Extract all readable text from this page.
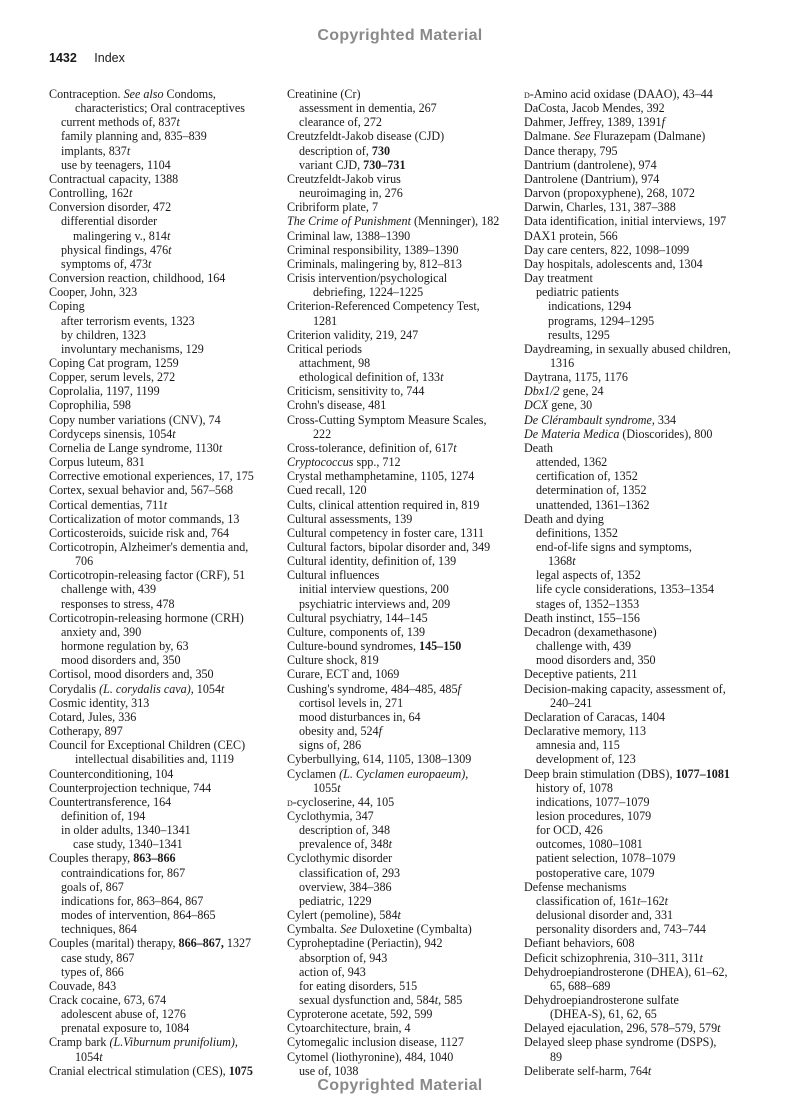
Copyrighted Material
1432 Index

Contraception. See also Condoms,

characteristics; Oral contraceptives

current methods of, 837t

family planning and, 835–839

implants, 837t

use by teenagers, 1104

Contractual capacity, 1388

Controlling, 162t

Conversion disorder, 472

differential disorder

malingering v., 814t

physical findings, 476t

symptoms of, 473t

Conversion reaction, childhood, 164

Cooper, John, 323

Coping

after terrorism events, 1323

by children, 1323

involuntary mechanisms, 129

Coping Cat program, 1259

Copper, serum levels, 272

Coprolalia, 1197, 1199

Coprophilia, 598

Copy number variations (CNV), 74

Cordyceps sinensis, 1054t

Cornelia de Lange syndrome, 1130t

Corpus luteum, 831

Corrective emotional experiences, 17, 175

Cortex, sexual behavior and, 567–568

Cortical dementias, 711t

Corticalization of motor commands, 13

Corticosteroids, suicide risk and, 764

Corticotropin, Alzheimer's dementia and,

706

Corticotropin-releasing factor (CRF), 51

challenge with, 439

responses to stress, 478

Corticotropin-releasing hormone (CRH)

anxiety and, 390

hormone regulation by, 63

mood disorders and, 350

Cortisol, mood disorders and, 350

Corydalis (L. corydalis cava), 1054t

Cosmic identity, 313

Cotard, Jules, 336

Cotherapy, 897

Council for Exceptional Children (CEC)

intellectual disabilities and, 1119

Counterconditioning, 104

Counterprojection technique, 744

Countertransference, 164

definition of, 194

in older adults, 1340–1341

case study, 1340–1341

Couples therapy, 863–866

contraindications for, 867

goals of, 867

indications for, 863–864, 867

modes of intervention, 864–865

techniques, 864

Couples (marital) therapy, 866–867, 1327

case study, 867

types of, 866

Couvade, 843

Crack cocaine, 673, 674

adolescent abuse of, 1276

prenatal exposure to, 1084

Cramp bark (L.Viburnum prunifolium),

1054t

Cranial electrical stimulation (CES), 1075

Creatinine (Cr)

assessment in dementia, 267

clearance of, 272

Creutzfeldt-Jakob disease (CJD)

description of, 730

variant CJD, 730–731

Creutzfeldt-Jakob virus

neuroimaging in, 276

Cribriform plate, 7

The Crime of Punishment (Menninger), 182

Criminal law, 1388–1390

Criminal responsibility, 1389–1390

Criminals, malingering by, 812–813

Crisis intervention/psychological

debriefing, 1224–1225

Criterion-Referenced Competency Test,

1281

Criterion validity, 219, 247

Critical periods

attachment, 98

ethological definition of, 133t

Criticism, sensitivity to, 744

Crohn's disease, 481

Cross-Cutting Symptom Measure Scales,

222

Cross-tolerance, definition of, 617t

Cryptococcus spp., 712

Crystal methamphetamine, 1105, 1274

Cued recall, 120

Cults, clinical attention required in, 819

Cultural assessments, 139

Cultural competency in foster care, 1311

Cultural factors, bipolar disorder and, 349

Cultural identity, definition of, 139

Cultural influences

initial interview questions, 200

psychiatric interviews and, 209

Cultural psychiatry, 144–145

Culture, components of, 139

Culture-bound syndromes, 145–150

Culture shock, 819

Curare, ECT and, 1069

Cushing's syndrome, 484–485, 485f

cortisol levels in, 271

mood disturbances in, 64

obesity and, 524f

signs of, 286

Cyberbullying, 614, 1105, 1308–1309

Cyclamen (L. Cyclamen europaeum),

1055t

d-cycloserine, 44, 105

Cyclothymia, 347

description of, 348

prevalence of, 348t

Cyclothymic disorder

classification of, 293

overview, 384–386

pediatric, 1229

Cylert (pemoline), 584t

Cymbalta. See Duloxetine (Cymbalta)

Cyproheptadine (Periactin), 942

absorption of, 943

action of, 943

for eating disorders, 515

sexual dysfunction and, 584t, 585

Cyproterone acetate, 592, 599

Cytoarchitecture, brain, 4

Cytomegalic inclusion disease, 1127

Cytomel (liothyronine), 484, 1040

use of, 1038

d-Amino acid oxidase (DAAO), 43–44

DaCosta, Jacob Mendes, 392

Dahmer, Jeffrey, 1389, 1391f

Dalmane. See Flurazepam (Dalmane)

Dance therapy, 795

Dantrium (dantrolene), 974

Dantrolene (Dantrium), 974

Darvon (propoxyphene), 268, 1072

Darwin, Charles, 131, 387–388

Data identification, initial interviews, 197

DAX1 protein, 566

Day care centers, 822, 1098–1099

Day hospitals, adolescents and, 1304

Day treatment

pediatric patients

indications, 1294

programs, 1294–1295

results, 1295

Daydreaming, in sexually abused children,

1316

Daytrana, 1175, 1176

Dbx1/2 gene, 24

DCX gene, 30

De Clérambault syndrome, 334

De Materia Medica (Dioscorides), 800

Death

attended, 1362

certification of, 1352

determination of, 1352

unattended, 1361–1362

Death and dying

definitions, 1352

end-of-life signs and symptoms,

1368t

legal aspects of, 1352

life cycle considerations, 1353–1354

stages of, 1352–1353

Death instinct, 155–156

Decadron (dexamethasone)

challenge with, 439

mood disorders and, 350

Deceptive patients, 211

Decision-making capacity, assessment of,

240–241

Declaration of Caracas, 1404

Declarative memory, 113

amnesia and, 115

development of, 123

Deep brain stimulation (DBS), 1077–1081

history of, 1078

indications, 1077–1079

lesion procedures, 1079

for OCD, 426

outcomes, 1080–1081

patient selection, 1078–1079

postoperative care, 1079

Defense mechanisms

classification of, 161t–162t

delusional disorder and, 331

personality disorders and, 743–744

Defiant behaviors, 608

Deficit schizophrenia, 310–311, 311t

Dehydroepiandrosterone (DHEA), 61–62,

65, 688–689

Dehydroepiandrosterone sulfate

(DHEA-S), 61, 62, 65

Delayed ejaculation, 296, 578–579, 579t

Delayed sleep phase syndrome (DSPS),

89

Deliberate self-harm, 764t

Copyrighted Material
